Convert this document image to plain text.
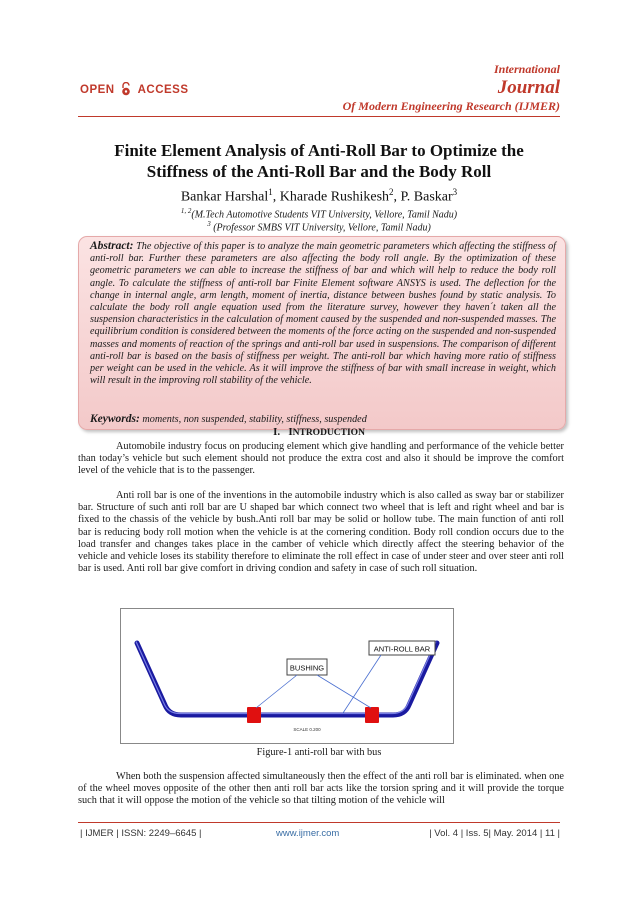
OPEN ACCESS
International
Journal
Of Modern Engineering Research (IJMER)
Finite Element Analysis of Anti-Roll Bar to Optimize the
Stiffness of the Anti-Roll Bar and the Body Roll
Bankar Harshal$^1$, Kharade Rushikesh$^2$, P. Baskar$^3$
$^{1, 2}$(M.Tech Automotive Students VIT University, Vellore, Tamil Nadu)
$^3$ (Professor SMBS VIT University, Vellore, Tamil Nadu)
Abstract: The objective of this paper is to analyze the main geometric parameters which affecting the stiffness of anti-roll bar. Further these parameters are also affecting the body roll angle. By the optimization of these geometric parameters we can able to increase the stiffness of bar and which will help to reduce the body roll angle. To calculate the stiffness of anti-roll bar Finite Element software ANSYS is used. The deflection for the change in internal angle, arm length, moment of inertia, distance between bushes found by static analysis. To calculate the body roll angle equation used from the literature survey, however they haven´t taken all the suspension characteristics in the calculation of moment caused by the suspended and non-suspended masses. The equilibrium condition is considered between the moments of the force acting on the suspended and non-suspended masses and moments of reaction of the springs and anti-roll bar used in suspensions. The comparison of different anti-roll bar is based on the basis of stiffness per weight. The anti-roll bar which having more ratio of stiffness per weight can be used in the vehicle. As it will improve the stiffness of bar with small increase in weight, which will result in the improving roll stability of the vehicle.
Keywords: moments, non suspended, stability, stiffness, suspended
I. INTRODUCTION
Automobile industry focus on producing element which give handling and performance of the vehicle better than today’s vehicle but such element should not produce the extra cost and also it should be improve the comfort level of the vehicle that is to the passenger.
Anti roll bar is one of the inventions in the automobile industry which is also called as sway bar or stabilizer bar. Structure of such anti roll bar are U shaped bar which connect two wheel that is left and right wheel and bar is fixed to the chassis of the vehicle by bush.Anti roll bar may be solid or hollow tube. The main function of anti roll bar is reducing body roll motion when the vehicle is at the cornering condition. Body roll condion occurs due to the load transfer and changes takes place in the camber of vehicle which directly affect the steering behavior of the vehicle and vehicle loses its stability therefore to eliminate the roll effect in case of under steer and over steer anti roll bar is used. Anti roll bar give comfort in driving condion and safety in case of such roll situation.
BUSHING
ANTI-ROLL BAR
SCALE 0.200
Figure-1 anti-roll bar with bus
When both the suspension affected simultaneously then the effect of the anti roll bar is eliminated. when one of the wheel moves opposite of the other then anti roll bar acts like the torsion spring and it will provide the torque such that it will oppose the motion of the vehicle so that tilting motion of the vehicle will
| IJMER | ISSN: 2249–6645 |	www.ijmer.com	| Vol. 4 | Iss. 5| May. 2014 | 11 |
